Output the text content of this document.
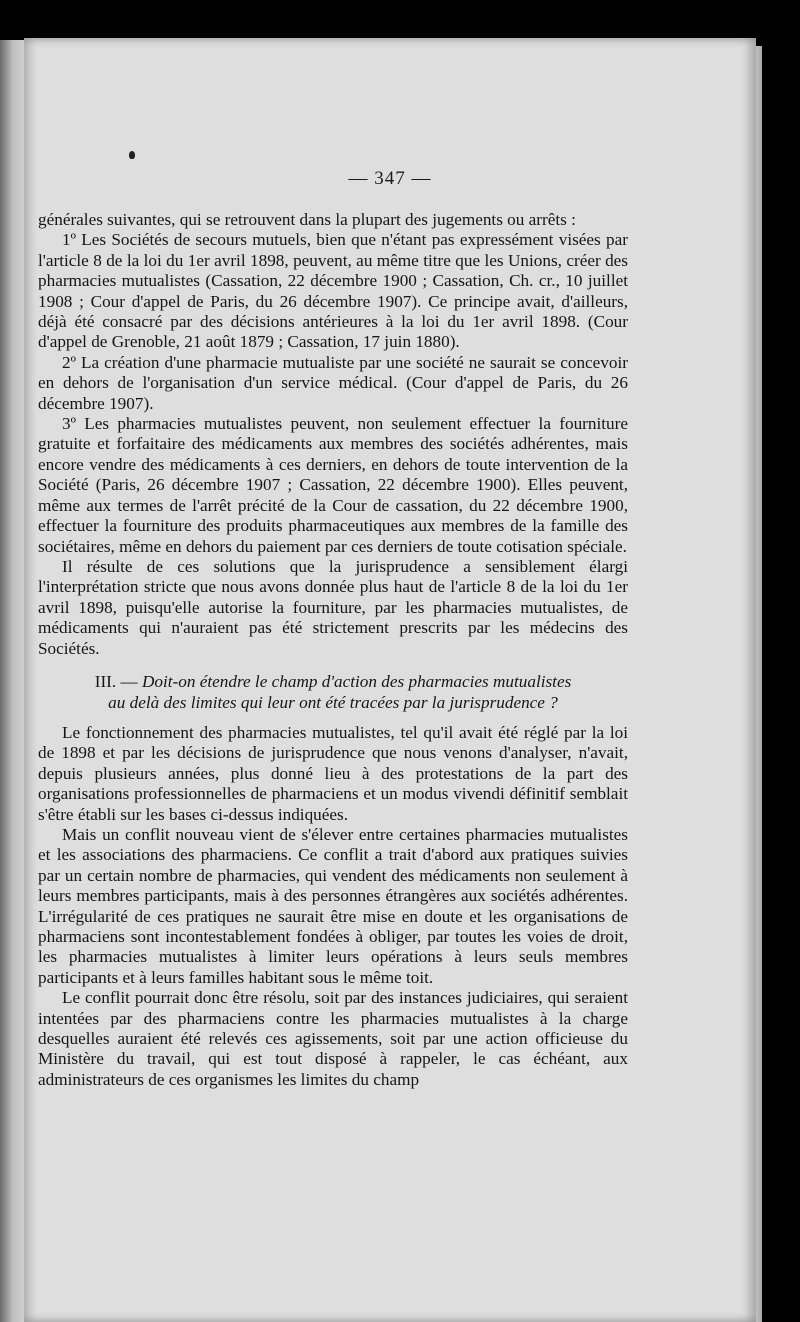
— 347 —

générales suivantes, qui se retrouvent dans la plupart des jugements ou arrêts :

1º Les Sociétés de secours mutuels, bien que n'étant pas expressément visées par l'article 8 de la loi du 1er avril 1898, peuvent, au même titre que les Unions, créer des pharmacies mutualistes (Cassation, 22 décembre 1900 ; Cassation, Ch. cr., 10 juillet 1908 ; Cour d'appel de Paris, du 26 décembre 1907). Ce principe avait, d'ailleurs, déjà été consacré par des décisions antérieures à la loi du 1er avril 1898. (Cour d'appel de Grenoble, 21 août 1879 ; Cassation, 17 juin 1880).

2º La création d'une pharmacie mutualiste par une société ne saurait se concevoir en dehors de l'organisation d'un service médical. (Cour d'appel de Paris, du 26 décembre 1907).

3º Les pharmacies mutualistes peuvent, non seulement effectuer la fourniture gratuite et forfaitaire des médicaments aux membres des sociétés adhérentes, mais encore vendre des médicaments à ces derniers, en dehors de toute intervention de la Société (Paris, 26 décembre 1907 ; Cassation, 22 décembre 1900). Elles peuvent, même aux termes de l'arrêt précité de la Cour de cassation, du 22 décembre 1900, effectuer la fourniture des produits pharmaceutiques aux membres de la famille des sociétaires, même en dehors du paiement par ces derniers de toute cotisation spéciale.

Il résulte de ces solutions que la jurisprudence a sensiblement élargi l'interprétation stricte que nous avons donnée plus haut de l'article 8 de la loi du 1er avril 1898, puisqu'elle autorise la fourniture, par les pharmacies mutualistes, de médicaments qui n'auraient pas été strictement prescrits par les médecins des Sociétés.

III. — Doit-on étendre le champ d'action des pharmacies mutualistes
au delà des limites qui leur ont été tracées par la jurisprudence ?

Le fonctionnement des pharmacies mutualistes, tel qu'il avait été réglé par la loi de 1898 et par les décisions de jurisprudence que nous venons d'analyser, n'avait, depuis plusieurs années, plus donné lieu à des protestations de la part des organisations professionnelles de pharmaciens et un modus vivendi définitif semblait s'être établi sur les bases ci-dessus indiquées.

Mais un conflit nouveau vient de s'élever entre certaines pharmacies mutualistes et les associations des pharmaciens. Ce conflit a trait d'abord aux pratiques suivies par un certain nombre de pharmacies, qui vendent des médicaments non seulement à leurs membres participants, mais à des personnes étrangères aux sociétés adhérentes. L'irrégularité de ces pratiques ne saurait être mise en doute et les organisations de pharmaciens sont incontestablement fondées à obliger, par toutes les voies de droit, les pharmacies mutualistes à limiter leurs opérations à leurs seuls membres participants et à leurs familles habitant sous le même toit.

Le conflit pourrait donc être résolu, soit par des instances judiciaires, qui seraient intentées par des pharmaciens contre les pharmacies mutualistes à la charge desquelles auraient été relevés ces agissements, soit par une action officieuse du Ministère du travail, qui est tout disposé à rappeler, le cas échéant, aux administrateurs de ces organismes les limites du champ
